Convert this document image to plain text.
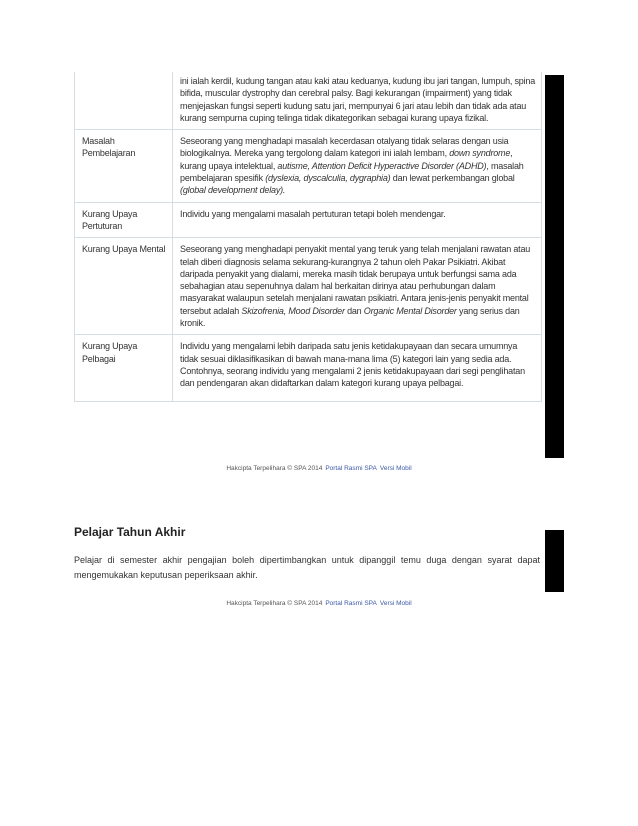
	ini ialah kerdil, kudung tangan atau kaki atau keduanya, kudung ibu jari tangan, lumpuh, spina bifida, muscular dystrophy dan cerebral palsy. Bagi kekurangan (impairment) yang tidak menjejaskan fungsi seperti kudung satu jari, mempunyai 6 jari atau lebih dan tidak ada atau kurang sempurna cuping telinga tidak dikategorikan sebagai kurang upaya fizikal.
Masalah Pembelajaran	Seseorang yang menghadapi masalah kecerdasan otalyang tidak selaras dengan usia biologikalnya. Mereka yang tergolong dalam kategori ini ialah lembam, down syndrome, kurang upaya intelektual, autisme, Attention Deficit Hyperactive Disorder (ADHD), masalah pembelajaran spesifik (dyslexia, dyscalculia, dygraphia) dan lewat perkembangan global (global development delay).
Kurang Upaya Pertuturan	Individu yang mengalami masalah pertuturan tetapi boleh mendengar.
Kurang Upaya Mental	Seseorang yang menghadapi penyakit mental yang teruk yang telah menjalani rawatan atau telah diberi diagnosis selama sekurang-kurangnya 2 tahun oleh Pakar Psikiatri. Akibat daripada penyakit yang dialami, mereka masih tidak berupaya untuk berfungsi sama ada sebahagian atau sepenuhnya dalam hal berkaitan dirinya atau perhubungan dalam masyarakat walaupun setelah menjalani rawatan psikiatri. Antara jenis-jenis penyakit mental tersebut adalah Skizofrenia, Mood Disorder dan Organic Mental Disorder yang serius dan kronik.
Kurang Upaya Pelbagai	Individu yang mengalami lebih daripada satu jenis ketidakupayaan dan secara umumnya tidak sesuai diklasifikasikan di bawah mana-mana lima (5) kategori lain yang sedia ada. Contohnya, seorang individu yang mengalami 2 jenis ketidakupayaan dari segi penglihatan dan pendengaran akan didaftarkan dalam kategori kurang upaya pelbagai.
Hakcipta Terpelihara © SPA 2014 Portal Rasmi SPA Versi Mobil
Pelajar Tahun Akhir

Pelajar di semester akhir pengajian boleh dipertimbangkan untuk dipanggil temu duga dengan syarat dapat mengemukakan keputusan peperiksaan akhir.

Hakcipta Terpelihara © SPA 2014 Portal Rasmi SPA Versi Mobil
